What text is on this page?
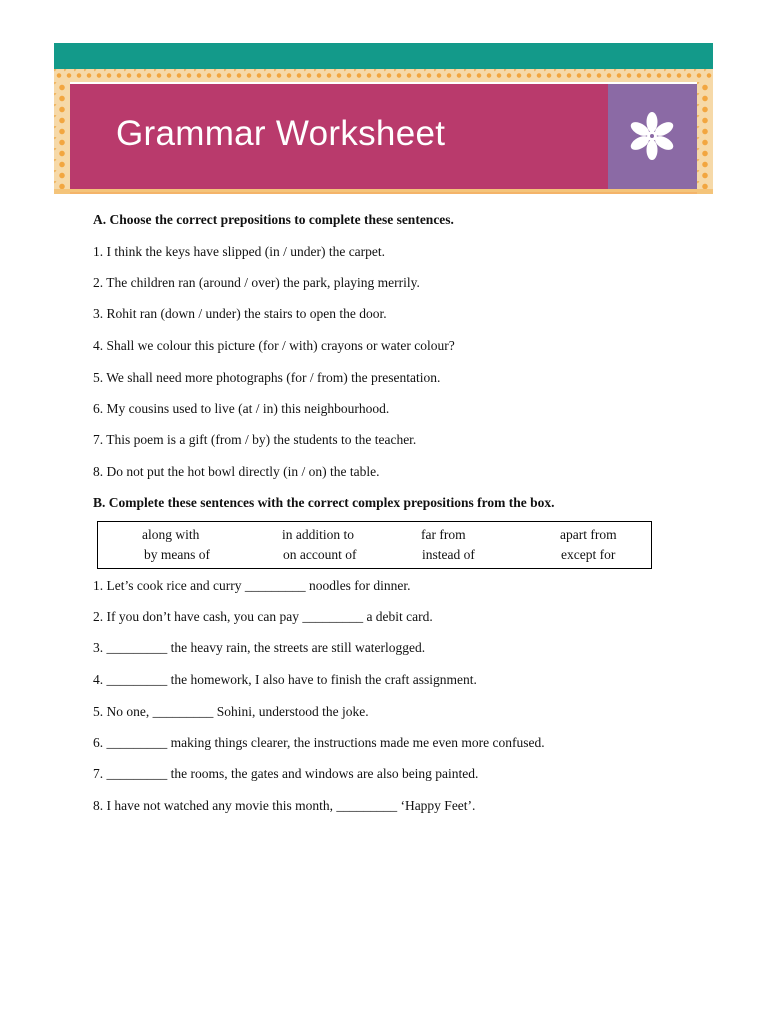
Grammar Worksheet
A. Choose the correct prepositions to complete these sentences.
1. I think the keys have slipped (in / under) the carpet.
2. The children ran (around / over) the park, playing merrily.
3. Rohit ran (down / under) the stairs to open the door.
4. Shall we colour this picture (for / with) crayons or water colour?
5. We shall need more photographs (for / from) the presentation.
6. My cousins used to live (at / in) this neighbourhood.
7. This poem is a gift (from / by) the students to the teacher.
8. Do not put the hot bowl directly (in / on) the table.
B. Complete these sentences with the correct complex prepositions from the box.
along with	in addition to	far from	apart from
by means of	on account of	instead of	except for
1. Let’s cook rice and curry _________ noodles for dinner.
2. If you don’t have cash, you can pay _________ a debit card.
3. _________ the heavy rain, the streets are still waterlogged.
4. _________ the homework, I also have to finish the craft assignment.
5. No one, _________ Sohini, understood the joke.
6. _________ making things clearer, the instructions made me even more confused.
7. _________ the rooms, the gates and windows are also being painted.
8. I have not watched any movie this month, _________ ‘Happy Feet’.
